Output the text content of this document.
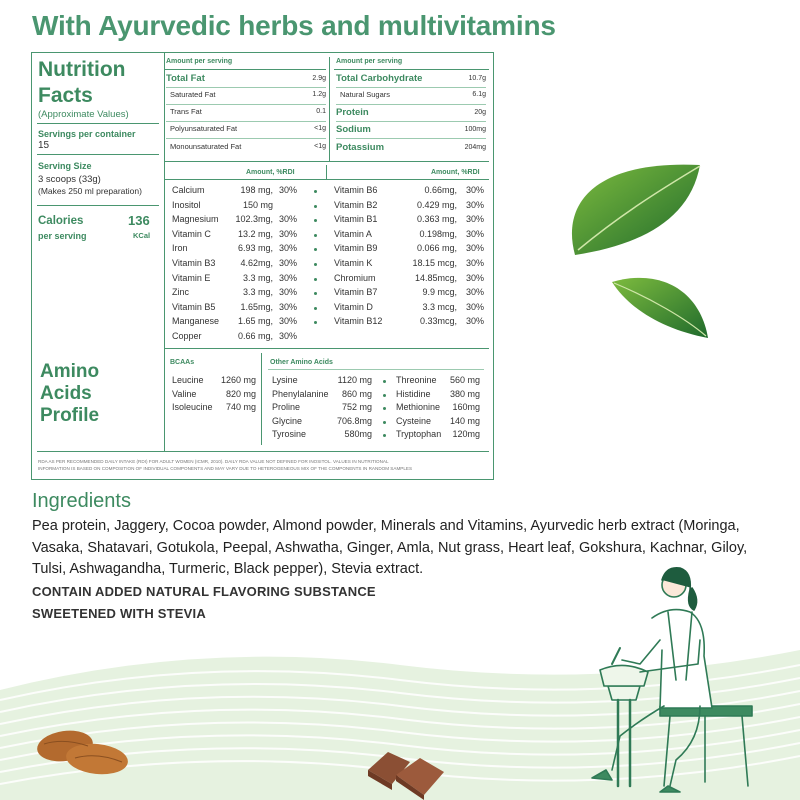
With Ayurvedic herbs and multivitamins
Nutrition
Facts
(Approximate Values)
Servings per container
15
Serving Size
3 scoops (33g)
(Makes 250 ml preparation)
Calories
per serving
136
KCal
Amino
Acids
Profile
Amount per serving	Amount per serving
Total Fat	2.9g
Saturated Fat	1.2g
Trans Fat	0.1
Polyunsaturated Fat	<1g
Monounsaturated Fat	<1g
Total Carbohydrate	10.7g
Natural Sugars	6.1g
Protein	20g
Sodium	100mg
Potassium	204mg
Amount, %RDI	Amount, %RDI
Calcium	198 mg, 30%
Inositol	150 mg
Magnesium 102.3mg, 30%
Vitamin C	13.2 mg, 30%
Iron	6.93 mg, 30%
Vitamin B3	4.62mg, 30%
Vitamin E	3.3 mg, 30%
Zinc	3.3 mg, 30%
Vitamin B5	1.65mg, 30%
Manganese 1.65 mg, 30%
Copper	0.66 mg, 30%
Vitamin B6	0.66mg, 30%
Vitamin B2	0.429 mg, 30%
Vitamin B1	0.363 mg, 30%
Vitamin A	0.198mg, 30%
Vitamin B9	0.066 mg, 30%
Vitamin K	18.15 mcg, 30%
Chromium	14.85mcg, 30%
Vitamin B7	9.9 mcg, 30%
Vitamin D	3.3 mcg, 30%
Vitamin B12	0.33mcg, 30%
BCAAs	Other Amino Acids
Leucine 1260 mg
Valine	820 mg
Isoleucine 740 mg
Lysine	1120 mg
Phenylalanine 860 mg
Proline	752 mg
Glycine	706.8mg
Tyrosine	580mg
Threonine 560 mg
Histidine 380 mg
Methionine 160mg
Cysteine 140 mg
Tryptophan 120mg
RDA AS PER RECOMMENDED DAILY INTAKE (RDI) FOR ADULT WOMEN (ICMR, 2010). DAILY RDA VALUE NOT DEFINED FOR INOSITOL. VALUES IN NUTRITIONAL
INFORMATION IS BASED ON COMPOSITION OF INDIVIDUAL COMPONENTS AND MAY VARY DUE TO HETEROGENEOUS MIX OF THE COMPONENTS IN RANDOM SAMPLES
Ingredients
Pea protein, Jaggery, Cocoa powder, Almond powder, Minerals and Vitamins, Ayurvedic herb extract (Moringa, Vasaka, Shatavari, Gotukola, Peepal, Ashwatha, Ginger, Amla, Nut grass, Heart leaf, Gokshura, Kachnar, Giloy, Tulsi, Ashwagandha, Turmeric, Black pepper), Stevia extract.
CONTAIN ADDED NATURAL FLAVORING SUBSTANCE
SWEETENED WITH STEVIA
